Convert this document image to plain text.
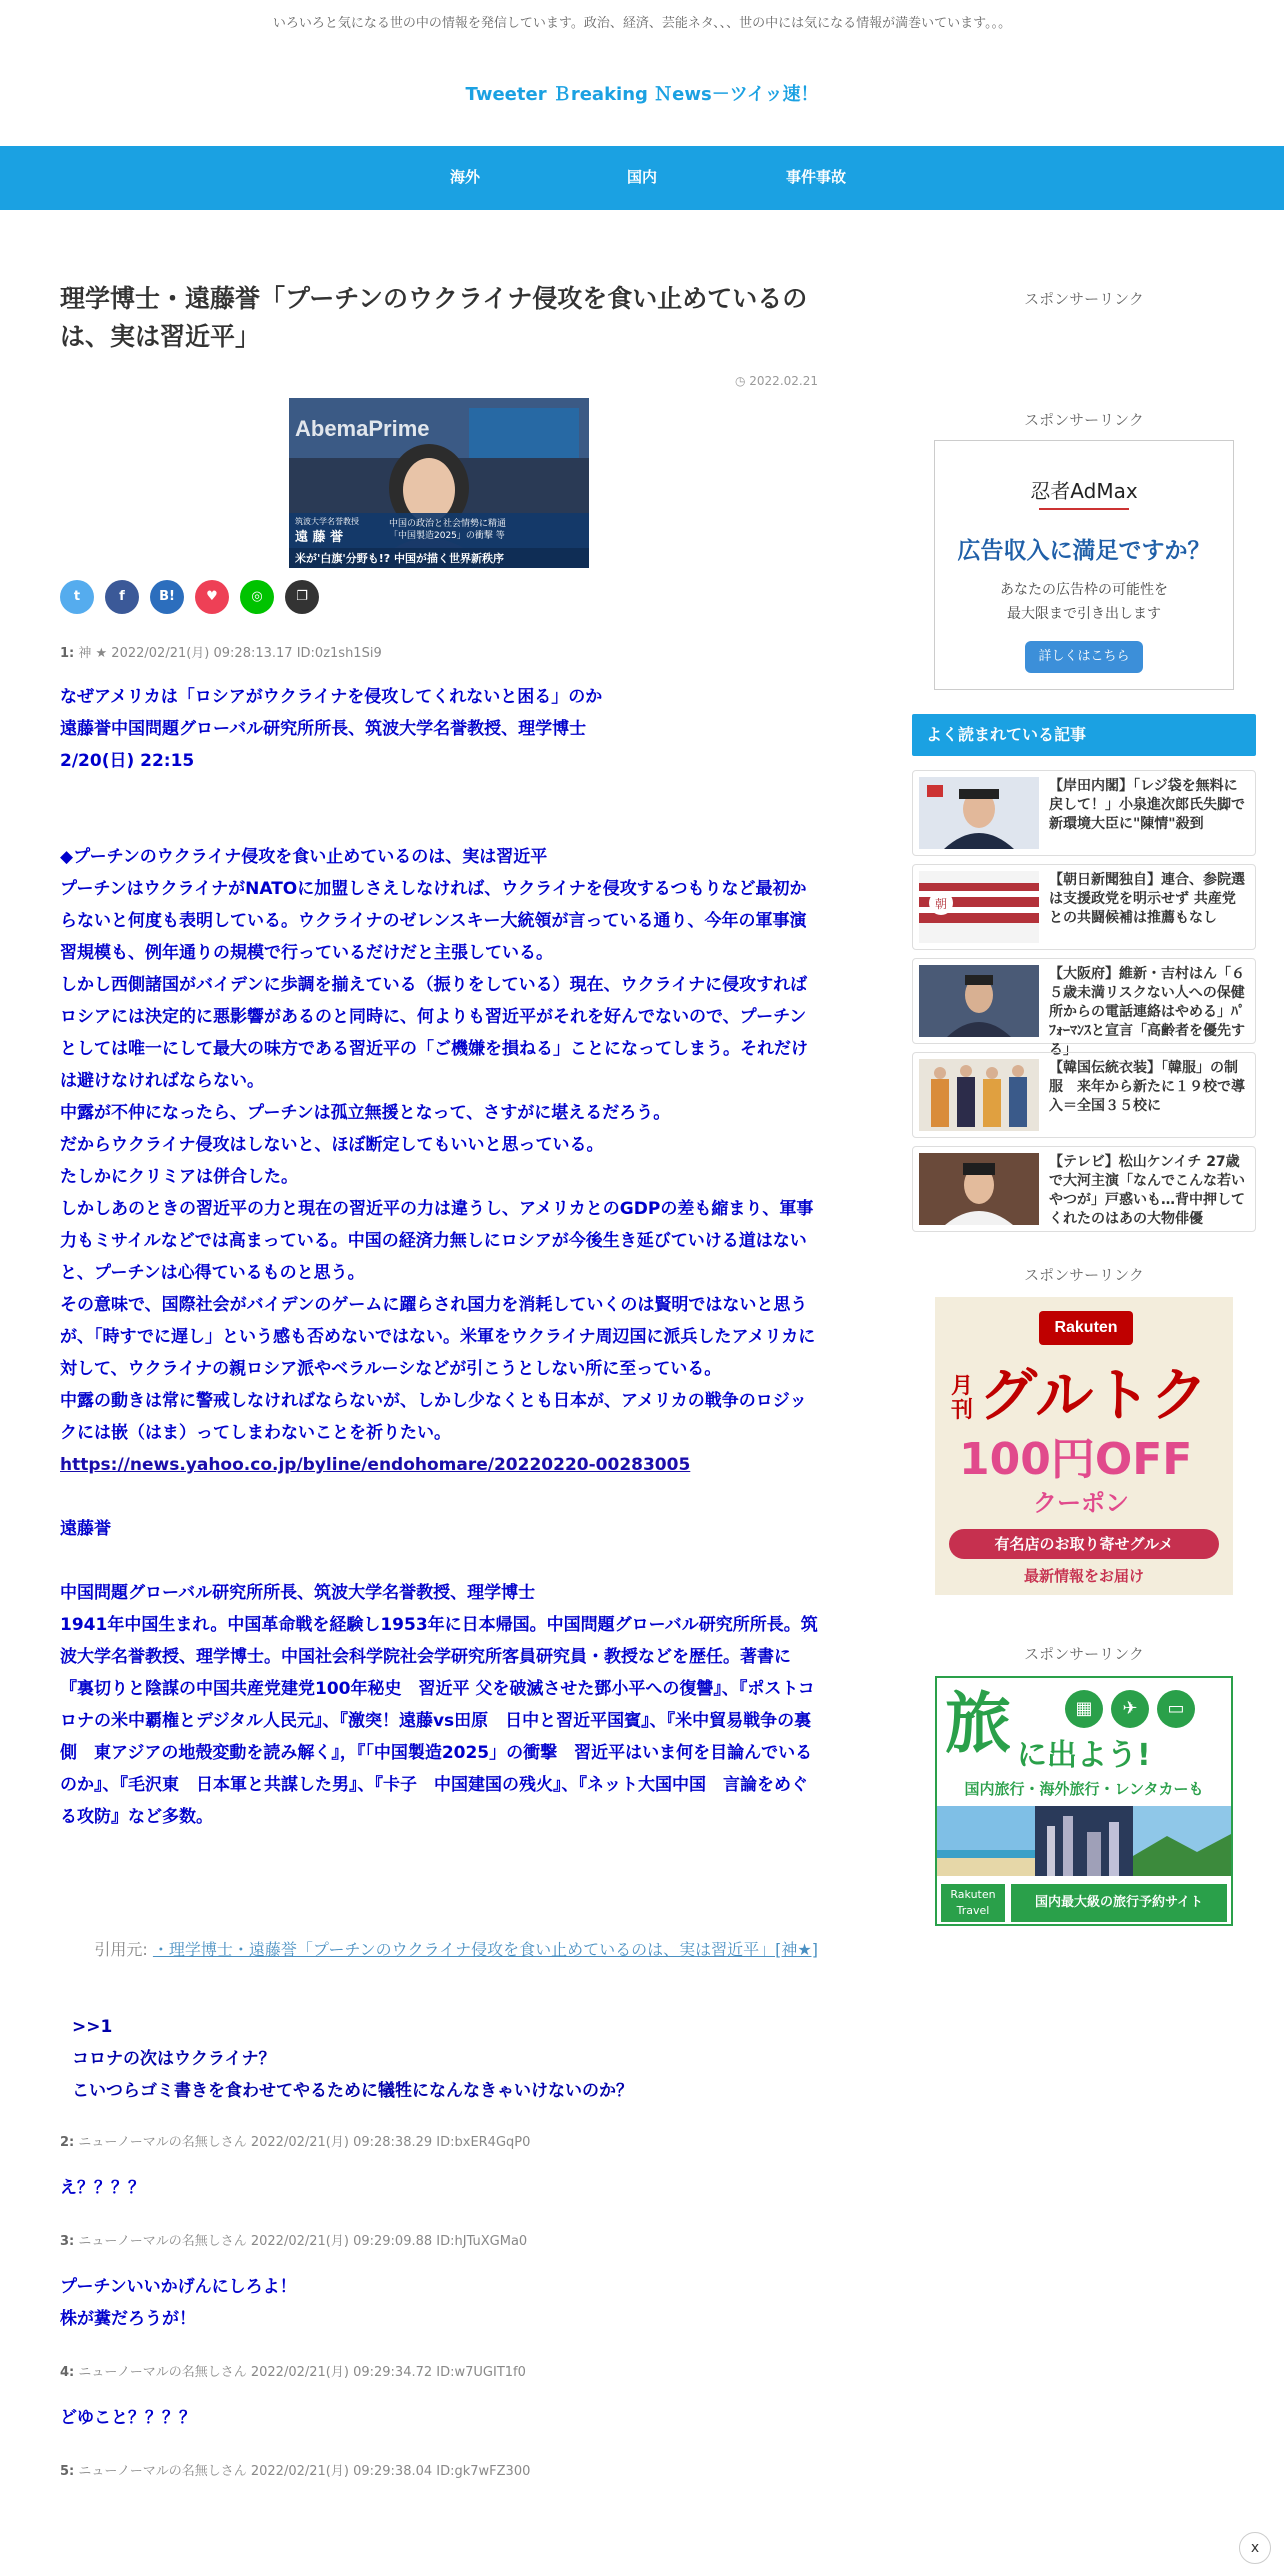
いろいろと気になる世の中の情報を発信しています。政治、経済、芸能ネタ、、、世の中には気になる情報が満巻いています。。。
Tweeter Ｂreaking Ｎews－ツイッ速！
海外	国内	事件事故
理学博士・遠藤誉「プーチンのウクライナ侵攻を食い止めているのは、実は習近平」
◷ 2022.02.21
AbemaPrime
中国の政治と社会情勢に精通
「中国製造2025」の衝撃 等
筑波大学名誉教授
遠 藤 誉
米が'白旗'分野も!? 中国が描く世界新秩序
t	f	B! ♥	◎	❐
1: 神 ★ 2022/02/21(月) 09:28:13.17 ID:0z1sh1Si9

なぜアメリカは「ロシアがウクライナを侵攻してくれないと困る」のか

遠藤誉中国問題グローバル研究所所長、筑波大学名誉教授、理学博士

2/20(日) 22:15

◆プーチンのウクライナ侵攻を食い止めているのは、実は習近平

プーチンはウクライナがNATOに加盟しさえしなければ、ウクライナを侵攻するつもりなど最初からないと何度も表明している。ウクライナのゼレンスキー大統領が言っている通り、今年の軍事演習規模も、例年通りの規模で行っているだけだと主張している。

しかし西側諸国がバイデンに歩調を揃えている（振りをしている）現在、ウクライナに侵攻すればロシアには決定的に悪影響があるのと同時に、何よりも習近平がそれを好んでないので、プーチンとしては唯一にして最大の味方である習近平の「ご機嫌を損ねる」ことになってしまう。それだけは避けなければならない。

中露が不仲になったら、プーチンは孤立無援となって、さすがに堪えるだろう。

だからウクライナ侵攻はしないと、ほぼ断定してもいいと思っている。

たしかにクリミアは併合した。

しかしあのときの習近平の力と現在の習近平の力は違うし、アメリカとのGDPの差も縮まり、軍事力もミサイルなどでは高まっている。中国の経済力無しにロシアが今後生き延びていける道はないと、プーチンは心得ているものと思う。

その意味で、国際社会がバイデンのゲームに躍らされ国力を消耗していくのは賢明ではないと思うが、「時すでに遅し」という感も否めないではない。米軍をウクライナ周辺国に派兵したアメリカに対して、ウクライナの親ロシア派やベラルーシなどが引こうとしない所に至っている。

中露の動きは常に警戒しなければならないが、しかし少なくとも日本が、アメリカの戦争のロジックには嵌（はま）ってしまわないことを祈りたい。

https://news.yahoo.co.jp/byline/endohomare/20220220-00283005

遠藤誉

中国問題グローバル研究所所長、筑波大学名誉教授、理学博士

1941年中国生まれ。中国革命戦を経験し1953年に日本帰国。中国問題グローバル研究所所長。筑波大学名誉教授、理学博士。中国社会科学院社会学研究所客員研究員・教授などを歴任。著書に『裏切りと陰謀の中国共産党建党100年秘史　習近平 父を破滅させた鄧小平への復讐』、『ポストコロナの米中覇権とデジタル人民元』、『激突！遠藤vs田原　日中と習近平国賓』、『米中貿易戦争の裏側　東アジアの地殻変動を読み解く』，『「中国製造2025」の衝撃　習近平はいま何を目論んでいるのか』、『毛沢東　日本軍と共謀した男』、『卡子　中国建国の残火』、『ネット大国中国　言論をめぐる攻防』など多数。

引用元: ・理学博士・遠藤誉「プーチンのウクライナ侵攻を食い止めているのは、実は習近平」[神★]
>>1
コロナの次はウクライナ？
こいつらゴミ書きを食わせてやるために犠牲になんなきゃいけないのか？
2: ニューノーマルの名無しさん 2022/02/21(月) 09:28:38.29 ID:bxER4GqP0

え？？？？

3: ニューノーマルの名無しさん 2022/02/21(月) 09:29:09.88 ID:hJTuXGMa0

プーチンいいかげんにしろよ！

株が糞だろうが！

4: ニューノーマルの名無しさん 2022/02/21(月) 09:29:34.72 ID:w7UGIT1f0

どゆこと？？？？

5: ニューノーマルの名無しさん 2022/02/21(月) 09:29:38.04 ID:gk7wFZ300
スポンサーリンク
スポンサーリンク
忍者AdMax
広告収入に満足ですか？
あなたの広告枠の可能性を
最大限まで引き出します
詳しくはこちら
よく読まれている記事
【岸田内閣】「レジ袋を無料に戻して！」小泉進次郎氏失脚で新環境大臣に"陳情"殺到
朝
【朝日新聞独自】連合、参院選は支援政党を明示せず 共産党との共闘候補は推薦もなし
【大阪府】維新・吉村はん「６５歳未満リスクない人への保健所からの電話連絡はやめる」ﾊﾟﾌｫｰﾏﾝｽと宣言「高齢者を優先する」
【韓国伝統衣装】「韓服」の制服　来年から新たに１９校で導入＝全国３５校に
【テレビ】松山ケンイチ 27歳で大河主演「なんでこんな若いやつが」戸惑いも…背中押してくれたのはあの大物俳優
スポンサーリンク
Rakuten
月刊 グルトク
100円OFF
クーポン
有名店のお取り寄せグルメ
最新情報をお届け
スポンサーリンク
旅	▦	✈	▭
に出よう!
国内旅行・海外旅行・レンタカーも
Rakuten
Travel
国内最大級の旅行予約サイト
x
